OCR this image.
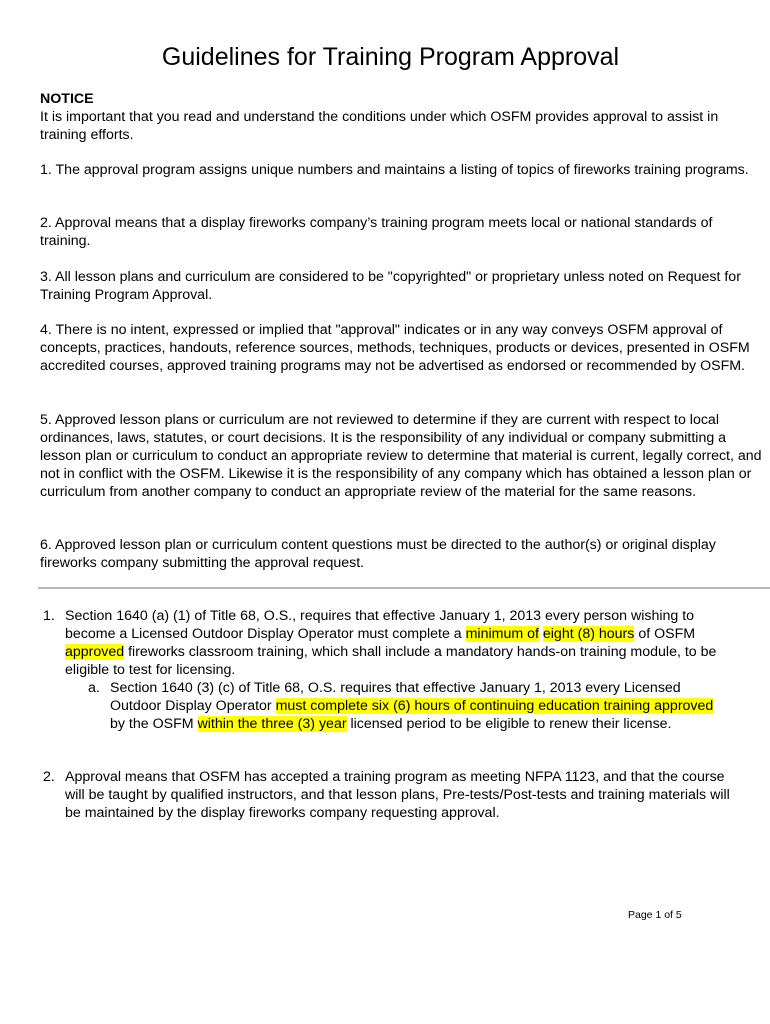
Guidelines for Training Program Approval

NOTICE
It is important that you read and understand the conditions under which OSFM provides approval to assist in training efforts.

1. The approval program assigns unique numbers and maintains a listing of topics of fireworks training programs.

2. Approval means that a display fireworks company’s training program meets local or national standards of training.

3. All lesson plans and curriculum are considered to be "copyrighted" or proprietary unless noted on Request for Training Program Approval.

4. There is no intent, expressed or implied that "approval" indicates or in any way conveys OSFM approval of concepts, practices, handouts, reference sources, methods, techniques, products or devices, presented in OSFM accredited courses, approved training programs may not be advertised as endorsed or recommended by OSFM.

5. Approved lesson plans or curriculum are not reviewed to determine if they are current with respect to local ordinances, laws, statutes, or court decisions. It is the responsibility of any individual or company submitting a lesson plan or curriculum to conduct an appropriate review to determine that material is current, legally correct, and not in conflict with the OSFM. Likewise it is the responsibility of any company which has obtained a lesson plan or curriculum from another company to conduct an appropriate review of the material for the same reasons.

6. Approved lesson plan or curriculum content questions must be directed to the author(s) or original display fireworks company submitting the approval request.

1. Section 1640 (a) (1) of Title 68, O.S., requires that effective January 1, 2013 every person wishing to become a Licensed Outdoor Display Operator must complete a minimum of eight (8) hours of OSFM approved fireworks classroom training, which shall include a mandatory hands-on training module, to be eligible to test for licensing.

a. Section 1640 (3) (c) of Title 68, O.S. requires that effective January 1, 2013 every Licensed Outdoor Display Operator must complete six (6) hours of continuing education training approved by the OSFM within the three (3) year licensed period to be eligible to renew their license.

2. Approval means that OSFM has accepted a training program as meeting NFPA 1123, and that the course will be taught by qualified instructors, and that lesson plans, Pre-tests/Post-tests and training materials will be maintained by the display fireworks company requesting approval.

Page 1 of 5
